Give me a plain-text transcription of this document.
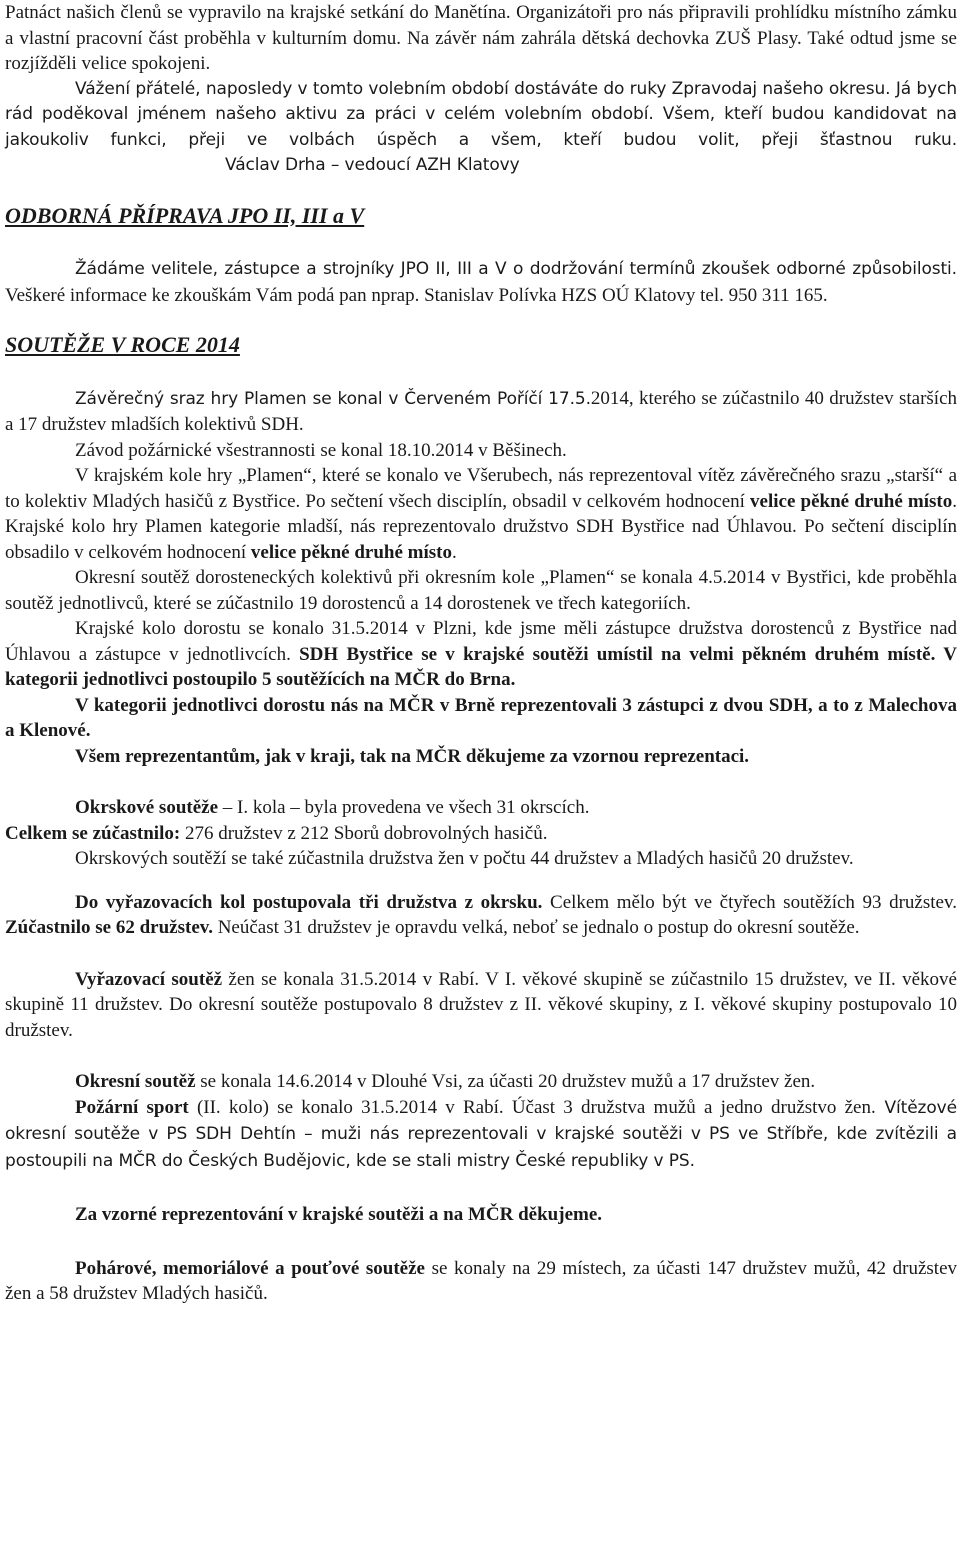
Patnáct našich členů se vypravilo na krajské setkání do Manětína. Organizátoři pro nás připravili prohlídku místního zámku a vlastní pracovní část proběhla v kulturním domu. Na závěr nám zahrála dětská dechovka ZUŠ Plasy. Také odtud jsme se rozjížděli velice spokojeni.

Vážení přátelé, naposledy v tomto volebním období dostáváte do ruky Zpravodaj našeho okresu. Já bych rád poděkoval jménem našeho aktivu za práci v celém volebním období. Všem, kteří budou kandidovat na jakoukoliv funkci, přeji ve volbách úspěch a všem, kteří budou volit, přeji šťastnou ruku.Václav Drha – vedoucí AZH Klatovy

ODBORNÁ PŘÍPRAVA JPO II, III a V

Žádáme velitele, zástupce a strojníky JPO II, III a V o dodržování termínů zkoušek odborné způsobilosti. Veškeré informace ke zkouškám Vám podá pan nprap. Stanislav Polívka HZS OÚ Klatovy tel. 950 311 165.

SOUTĚŽE V ROCE 2014

Závěrečný sraz hry Plamen se konal v Červeném Poříčí 17.5.2014, kterého se zúčastnilo 40 družstev starších a 17 družstev mladších kolektivů SDH.

Závod požárnické všestrannosti se konal 18.10.2014 v Běšinech.

V krajském kole hry „Plamen“, které se konalo ve Všerubech, nás reprezentoval vítěz závěrečného srazu „starší“ a to kolektiv Mladých hasičů z Bystřice. Po sečtení všech disciplín, obsadil v celkovém hodnocení velice pěkné druhé místo. Krajské kolo hry Plamen kategorie mladší, nás reprezentovalo družstvo SDH Bystřice nad Úhlavou. Po sečtení disciplín obsadilo v celkovém hodnocení velice pěkné druhé místo.

Okresní soutěž dorosteneckých kolektivů při okresním kole „Plamen“ se konala 4.5.2014 v Bystřici, kde proběhla soutěž jednotlivců, které se zúčastnilo 19 dorostenců a 14 dorostenek ve třech kategoriích.

Krajské kolo dorostu se konalo 31.5.2014 v Plzni, kde jsme měli zástupce družstva dorostenců z Bystřice nad Úhlavou a zástupce v jednotlivcích. SDH Bystřice se v krajské soutěži umístil na velmi pěkném druhém místě. V kategorii jednotlivci postoupilo 5 soutěžících na MČR do Brna.

V kategorii jednotlivci dorostu nás na MČR v Brně reprezentovali 3 zástupci z dvou SDH, a to z Malechova a Klenové.

Všem reprezentantům, jak v kraji, tak na MČR děkujeme za vzornou reprezentaci.

Okrskové soutěže – I. kola – byla provedena ve všech 31 okrscích.

Celkem se zúčastnilo: 276 družstev z 212 Sborů dobrovolných hasičů.

Okrskových soutěží se také zúčastnila družstva žen v počtu 44 družstev a Mladých hasičů 20 družstev.

Do vyřazovacích kol postupovala tři družstva z okrsku. Celkem mělo být ve čtyřech soutěžích 93 družstev. Zúčastnilo se 62 družstev. Neúčast 31 družstev je opravdu velká, neboť se jednalo o postup do okresní soutěže.

Vyřazovací soutěž žen se konala 31.5.2014 v Rabí. V I. věkové skupině se zúčastnilo 15 družstev, ve II. věkové skupině 11 družstev. Do okresní soutěže postupovalo 8 družstev z II. věkové skupiny, z I. věkové skupiny postupovalo 10 družstev.

Okresní soutěž se konala 14.6.2014 v Dlouhé Vsi, za účasti 20 družstev mužů a 17 družstev žen.

Požární sport (II. kolo) se konalo 31.5.2014 v Rabí. Účast 3 družstva mužů a jedno družstvo žen. Vítězové okresní soutěže v PS SDH Dehtín – muži nás reprezentovali v krajské soutěži v PS ve Stříbře, kde zvítězili a postoupili na MČR do Českých Budějovic, kde se stali mistry České republiky v PS.

Za vzorné reprezentování v krajské soutěži a na MČR děkujeme.

Pohárové, memoriálové a pouťové soutěže se konaly na 29 místech, za účasti 147 družstev mužů, 42 družstev žen a 58 družstev Mladých hasičů.
